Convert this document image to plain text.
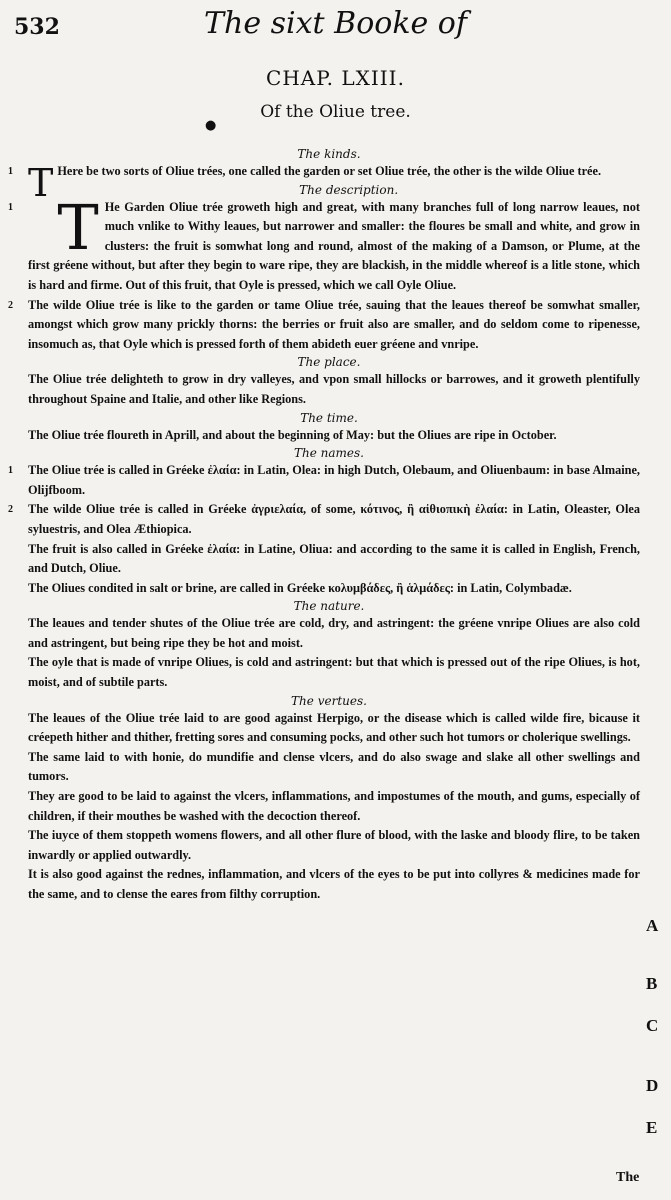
532	The sixt Booke of
CHAP. LXIII.
Of the Oliue tree.
●
The kinds.

1 T Here be two sorts of Oliue trées, one called the garden or set Oliue trée, the other is the wilde Oliue trée.

The description.

1 T He Garden Oliue trée groweth high and great, with many branches full of long narrow leaues, not much vnlike to Withy leaues, but narrower and smaller: the floures be small and white, and grow in clusters: the fruit is somwhat long and round, almost of the making of a Damson, or Plume, at the first gréene without, but after they begin to ware ripe, they are blackish, in the middle whereof is a litle stone, which is hard and firme. Out of this fruit, that Oyle is pressed, which we call Oyle Oliue.

2 The wilde Oliue trée is like to the garden or tame Oliue trée, sauing that the leaues thereof be somwhat smaller, amongst which grow many prickly thorns: the berries or fruit also are smaller, and do seldom come to ripenesse, insomuch as, that Oyle which is pressed forth of them abideth euer gréene and vnripe.

The place.

The Oliue trée delighteth to grow in dry valleyes, and vpon small hillocks or barrowes, and it groweth plentifully throughout Spaine and Italie, and other like Regions.

The time.

The Oliue trée floureth in Aprill, and about the beginning of May: but the Oliues are ripe in October.

The names.

1 The Oliue trée is called in Gréeke ἐλαία: in Latin, Olea: in high Dutch, Olebaum, and Oliuenbaum: in base Almaine, Olijfboom.

2 The wilde Oliue trée is called in Gréeke ἀγριελαία, of some, κότινος, ἢ αἰθιοπικὴ ἐλαία: in Latin, Oleaster, Olea syluestris, and Olea Æthiopica.

The fruit is also called in Gréeke ἐλαία: in Latine, Oliua: and according to the same it is called in English, French, and Dutch, Oliue.

The Oliues condited in salt or brine, are called in Gréeke κολυμβάδες, ἢ ἁλμάδες: in Latin, Colymbadæ.

The nature.

The leaues and tender shutes of the Oliue trée are cold, dry, and astringent: the gréene vnripe Oliues are also cold and astringent, but being ripe they be hot and moist.

The oyle that is made of vnripe Oliues, is cold and astringent: but that which is pressed out of the ripe Oliues, is hot, moist, and of subtile parts.

The vertues.

The leaues of the Oliue trée laid to are good against Herpigo, or the disease which is called wilde fire, bicause it créepeth hither and thither, fretting sores and consuming pocks, and other such hot tumors or cholerique swellings.

The same laid to with honie, do mundifie and clense vlcers, and do also swage and slake all other swellings and tumors.

They are good to be laid to against the vlcers, inflammations, and impostumes of the mouth, and gums, especially of children, if their mouthes be washed with the decoction thereof.

The iuyce of them stoppeth womens flowers, and all other flure of blood, with the laske and bloody flire, to be taken inwardly or applied outwardly.

It is also good against the rednes, inflammation, and vlcers of the eyes to be put into collyres & medicines made for the same, and to clense the eares from filthy corruption.

A
B
C
D
E
The
